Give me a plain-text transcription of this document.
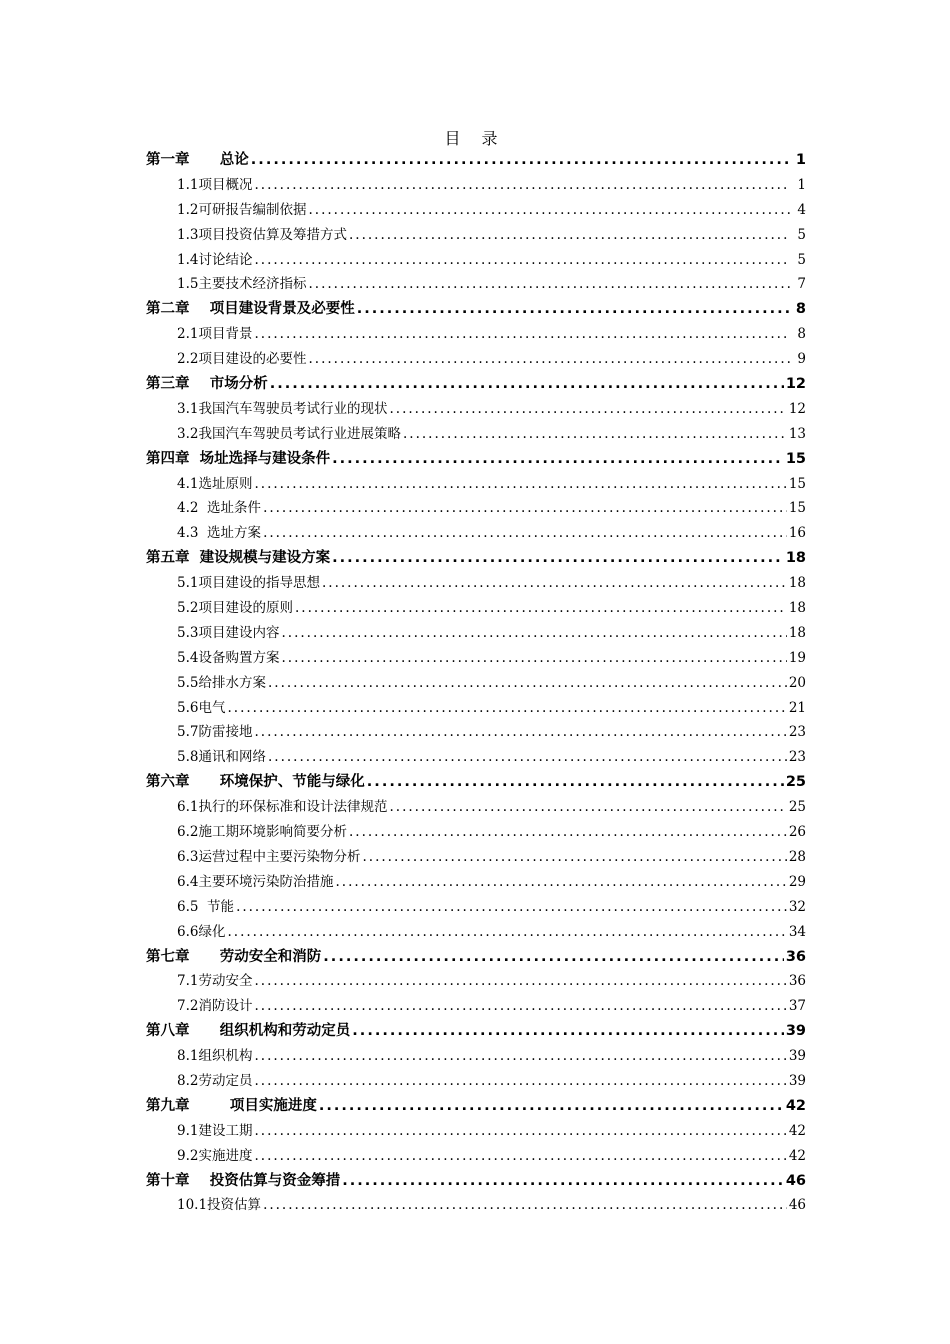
目 录
第一章      总论 .....	1
1.1项目概况 .....	1
1.2可研报告编制依据 .....	4
1.3项目投资估算及筹措方式 .....	5
1.4讨论结论 .....	5
1.5主要技术经济指标 .....	7
第二章    项目建设背景及必要性 .....	8
2.1项目背景 .....	8
2.2项目建设的必要性 .....	9
第三章    市场分析 .....	12
3.1我国汽车驾驶员考试行业的现状 .....	12
3.2我国汽车驾驶员考试行业进展策略 .....	13
第四章  场址选择与建设条件 .....	15
4.1选址原则 .....	15
4.2  选址条件 .....	15
4.3  选址方案 .....	16
第五章  建设规模与建设方案 .....	18
5.1项目建设的指导思想 .....	18
5.2项目建设的原则 .....	18
5.3项目建设内容 .....	18
5.4设备购置方案 .....	19
5.5给排水方案 .....	20
5.6电气 .....	21
5.7防雷接地 .....	23
5.8通讯和网络 .....	23
第六章      环境保护、节能与绿化 .....	25
6.1执行的环保标准和设计法律规范 .....	25
6.2施工期环境影响简要分析 .....	26
6.3运营过程中主要污染物分析 .....	28
6.4主要环境污染防治措施 .....	29
6.5  节能 .....	32
6.6绿化 .....	34
第七章      劳动安全和消防 .....	36
7.1劳动安全 .....	36
7.2消防设计 .....	37
第八章      组织机构和劳动定员 .....	39
8.1组织机构 .....	39
8.2劳动定员 .....	39
第九章        项目实施进度 .....	42
9.1建设工期 .....	42
9.2实施进度 .....	42
第十章    投资估算与资金筹措 .....	46
10.1投资估算 .....	46
